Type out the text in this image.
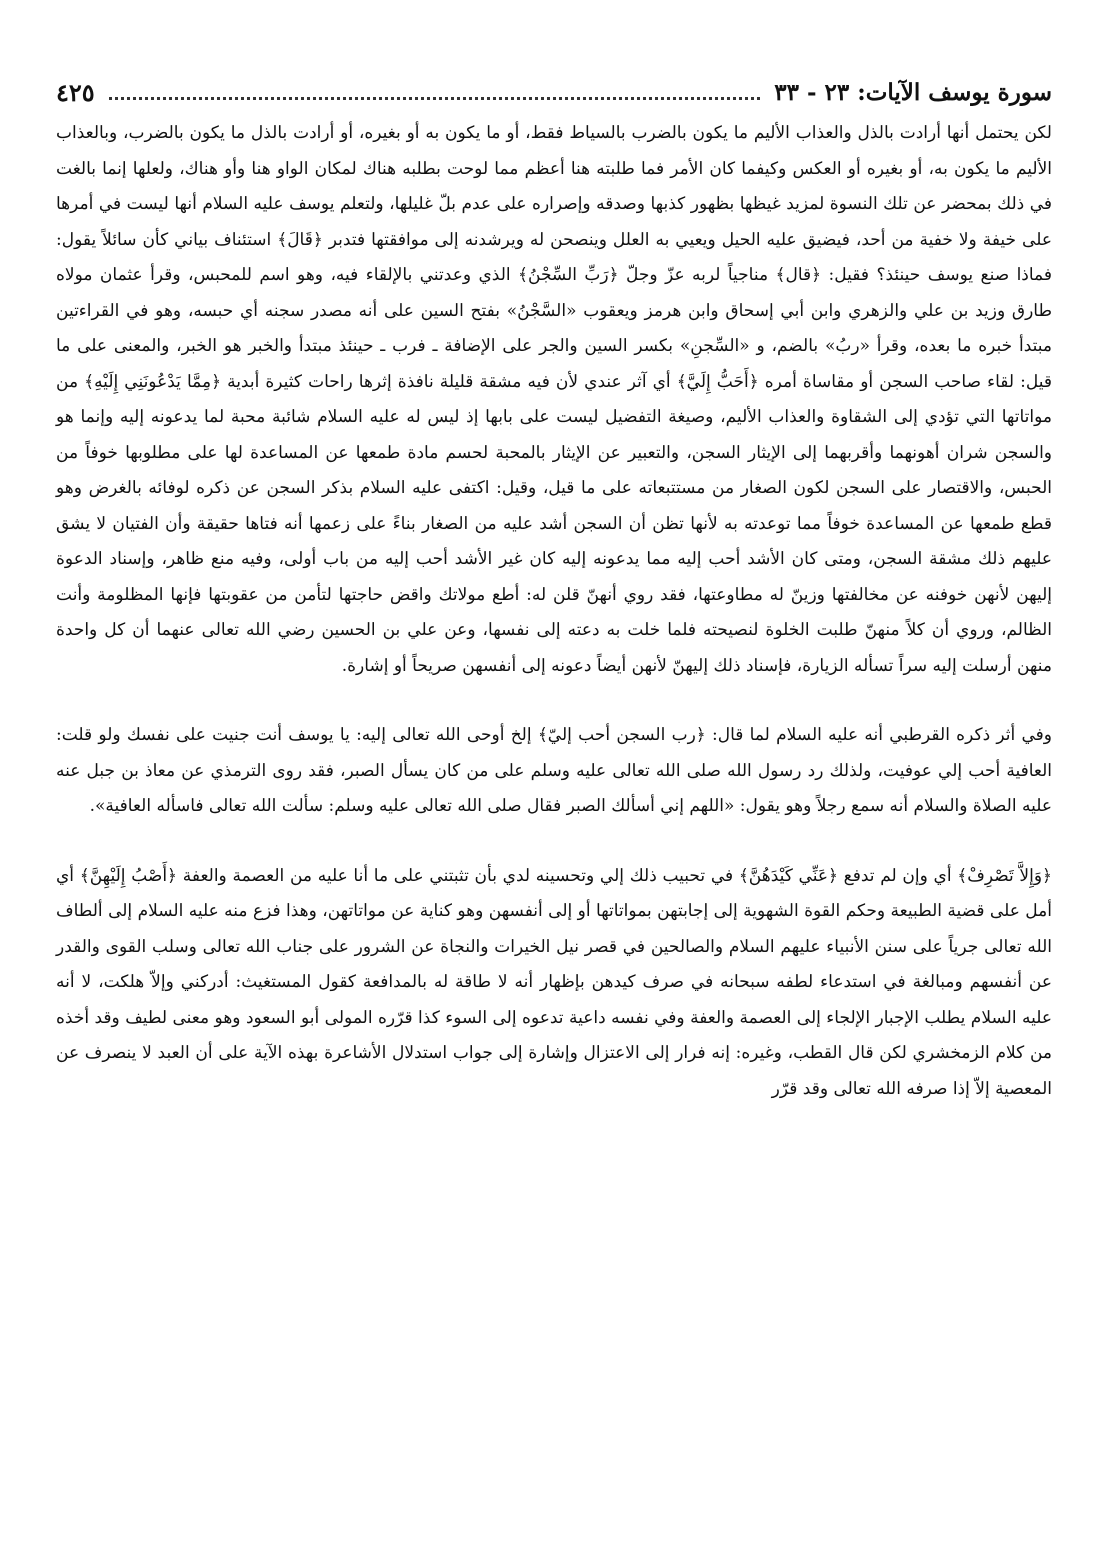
سورة يوسف الآيات: ٢٣ - ٣٣
٤٢٥

لكن يحتمل أنها أرادت بالذل والعذاب الأليم ما يكون بالضرب بالسياط فقط، أو ما يكون به أو بغيره، أو أرادت بالذل ما يكون بالضرب، وبالعذاب الأليم ما يكون به، أو بغيره أو العكس وكيفما كان الأمر فما طلبته هنا أعظم مما لوحت بطلبه هناك لمكان الواو هنا وأو هناك، ولعلها إنما بالغت في ذلك بمحضر عن تلك النسوة لمزيد غيظها بظهور كذبها وصدقه وإصراره على عدم بلّ غليلها، ولتعلم يوسف عليه السلام أنها ليست في أمرها على خيفة ولا خفية من أحد، فيضيق عليه الحيل ويعيي به العلل وينصحن له ويرشدنه إلى موافقتها فتدبر ﴿قَالَ﴾ استئناف بياني كأن سائلاً يقول: فماذا صنع يوسف حينئذ؟ فقيل: ﴿قال﴾ مناجياً لربه عزّ وجلّ ﴿رَبِّ السِّجْنُ﴾ الذي وعدتني بالإلقاء فيه، وهو اسم للمحبس، وقرأ عثمان مولاه طارق وزيد بن علي والزهري وابن أبي إسحاق وابن هرمز ويعقوب «السَّجْنُ» بفتح السين على أنه مصدر سجنه أي حبسه، وهو في القراءتين مبتدأ خبره ما بعده، وقرأ «ربُ» بالضم، و «السِّجنِ» بكسر السين والجر على الإضافة ـ فرب ـ حينئذ مبتدأ والخبر هو الخبر، والمعنى على ما قيل: لقاء صاحب السجن أو مقاساة أمره ﴿أَحَبُّ إِلَيَّ﴾ أي آثر عندي لأن فيه مشقة قليلة نافذة إثرها راحات كثيرة أبدية ﴿مِمَّا يَدْعُونَنِي إِلَيْهِ﴾ من مواتاتها التي تؤدي إلى الشقاوة والعذاب الأليم، وصيغة التفضيل ليست على بابها إذ ليس له عليه السلام شائبة محبة لما يدعونه إليه وإنما هو والسجن شران أهونهما وأقربهما إلى الإيثار السجن، والتعبير عن الإيثار بالمحبة لحسم مادة طمعها عن المساعدة لها على مطلوبها خوفاً من الحبس، والاقتصار على السجن لكون الصغار من مستتبعاته على ما قيل، وقيل: اكتفى عليه السلام بذكر السجن عن ذكره لوفائه بالغرض وهو قطع طمعها عن المساعدة خوفاً مما توعدته به لأنها تظن أن السجن أشد عليه من الصغار بناءً على زعمها أنه فتاها حقيقة وأن الفتيان لا يشق عليهم ذلك مشقة السجن، ومتى كان الأشد أحب إليه مما يدعونه إليه كان غير الأشد أحب إليه من باب أولى، وفيه منع ظاهر، وإسناد الدعوة إليهن لأنهن خوفنه عن مخالفتها وزينّ له مطاوعتها، فقد روي أنهنّ قلن له: أطع مولاتك واقض حاجتها لتأمن من عقوبتها فإنها المظلومة وأنت الظالم، وروي أن كلاً منهنّ طلبت الخلوة لنصيحته فلما خلت به دعته إلى نفسها، وعن علي بن الحسين رضي الله تعالى عنهما أن كل واحدة منهن أرسلت إليه سراً تسأله الزيارة، فإسناد ذلك إليهنّ لأنهن أيضاً دعونه إلى أنفسهن صريحاً أو إشارة.

وفي أثر ذكره القرطبي أنه عليه السلام لما قال: ﴿رب السجن أحب إليّ﴾ إلخ أوحى الله تعالى إليه: يا يوسف أنت جنيت على نفسك ولو قلت: العافية أحب إلي عوفيت، ولذلك رد رسول الله صلى الله تعالى عليه وسلم على من كان يسأل الصبر، فقد روى الترمذي عن معاذ بن جبل عنه عليه الصلاة والسلام أنه سمع رجلاً وهو يقول: «اللهم إني أسألك الصبر فقال صلى الله تعالى عليه وسلم: سألت الله تعالى فاسأله العافية».

﴿وَإِلاَّ تَصْرِفْ﴾ أي وإن لم تدفع ﴿عَنِّي كَيْدَهُنَّ﴾ في تحبيب ذلك إلي وتحسينه لدي بأن تثبتني على ما أنا عليه من العصمة والعفة ﴿أَصْبُ إِلَيْهِنَّ﴾ أي أمل على قضية الطبيعة وحكم القوة الشهوية إلى إجابتهن بمواتاتها أو إلى أنفسهن وهو كناية عن مواتاتهن، وهذا فزع منه عليه السلام إلى ألطاف الله تعالى جرياً على سنن الأنبياء عليهم السلام والصالحين في قصر نيل الخيرات والنجاة عن الشرور على جناب الله تعالى وسلب القوى والقدر عن أنفسهم ومبالغة في استدعاء لطفه سبحانه في صرف كيدهن بإظهار أنه لا طاقة له بالمدافعة كقول المستغيث: أدركني وإلاّ هلكت، لا أنه عليه السلام يطلب الإجبار الإلجاء إلى العصمة والعفة وفي نفسه داعية تدعوه إلى السوء كذا قرّره المولى أبو السعود وهو معنى لطيف وقد أخذه من كلام الزمخشري لكن قال القطب، وغيره: إنه فرار إلى الاعتزال وإشارة إلى جواب استدلال الأشاعرة بهذه الآية على أن العبد لا ينصرف عن المعصية إلاّ إذا صرفه الله تعالى وقد قرّر
